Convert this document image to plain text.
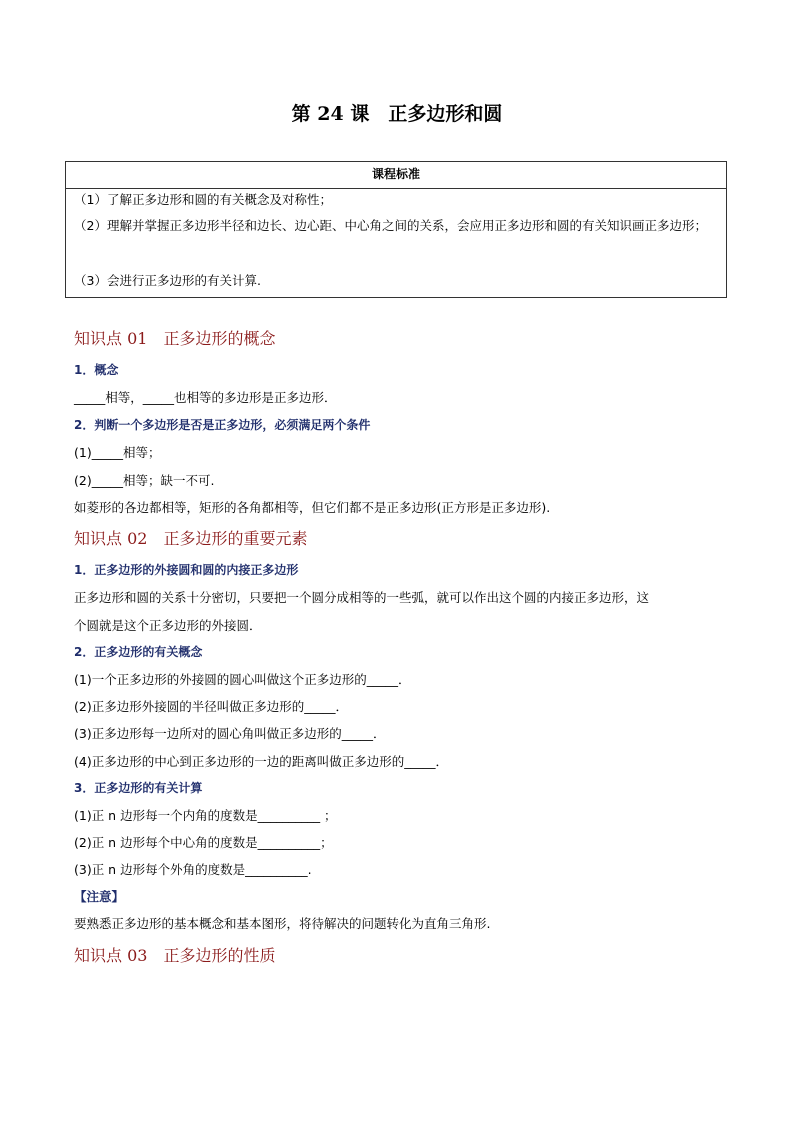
第 24 课　正多边形和圆
课程标准
（1）了解正多边形和圆的有关概念及对称性；
（2）理解并掌握正多边形半径和边长、边心距、中心角之间的关系，会应用正多边形和圆的有关知识画正多边形；
（3）会进行正多边形的有关计算.
知识点 01　正多边形的概念
1．概念
_____相等，_____也相等的多边形是正多边形．
2．判断一个多边形是否是正多边形，必须满足两个条件
(1)_____相等；
(2)_____相等；缺一不可.
如菱形的各边都相等，矩形的各角都相等，但它们都不是正多边形(正方形是正多边形).
知识点 02　正多边形的重要元素
1．正多边形的外接圆和圆的内接正多边形
正多边形和圆的关系十分密切，只要把一个圆分成相等的一些弧，就可以作出这个圆的内接正多边形，这
个圆就是这个正多边形的外接圆．
2．正多边形的有关概念
(1)一个正多边形的外接圆的圆心叫做这个正多边形的_____．
(2)正多边形外接圆的半径叫做正多边形的_____．
(3)正多边形每一边所对的圆心角叫做正多边形的_____．
(4)正多边形的中心到正多边形的一边的距离叫做正多边形的_____．
3．正多边形的有关计算
(1)正 n 边形每一个内角的度数是__________ ；
(2)正 n 边形每个中心角的度数是__________；
(3)正 n 边形每个外角的度数是__________.
【注意】
要熟悉正多边形的基本概念和基本图形，将待解决的问题转化为直角三角形.
知识点 03　正多边形的性质
